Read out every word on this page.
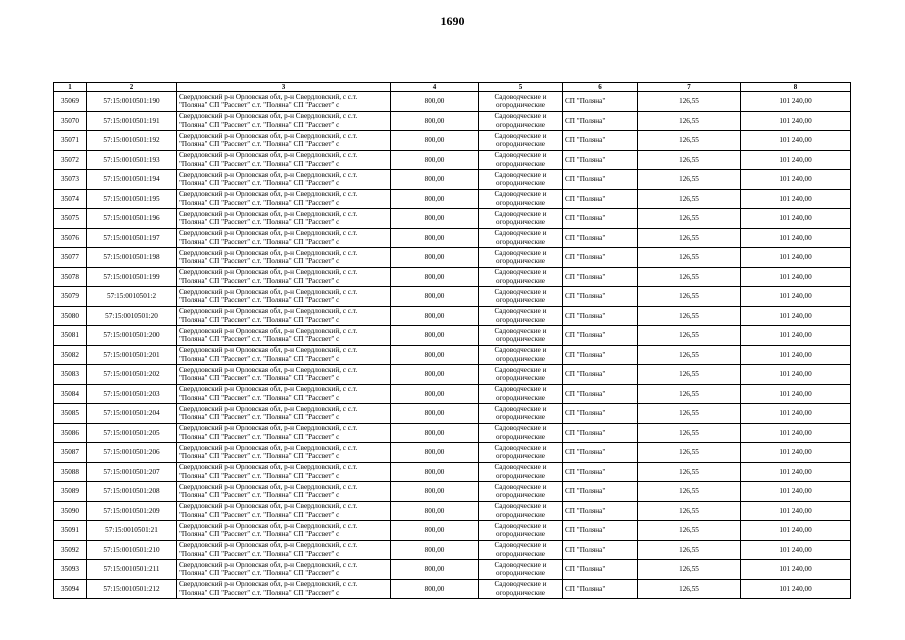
1690
1	2	3	4	5	6	7	8
35069	57:15:0010501:190	Свердловский р-н Орловская обл, р-н Свердловский, с с.т.
"Поляна" СП "Рассвет" с.т. "Поляна" СП "Рассвет" с	800,00	Садоводческие и
огороднические	СП "Поляна"	126,55	101 240,00
35070	57:15:0010501:191	Свердловский р-н Орловская обл, р-н Свердловский, с с.т.
"Поляна" СП "Рассвет" с.т. "Поляна" СП "Рассвет" с	800,00	Садоводческие и
огороднические	СП "Поляна"	126,55	101 240,00
35071	57:15:0010501:192	Свердловский р-н Орловская обл, р-н Свердловский, с с.т.
"Поляна" СП "Рассвет" с.т. "Поляна" СП "Рассвет" с	800,00	Садоводческие и
огороднические	СП "Поляна"	126,55	101 240,00
35072	57:15:0010501:193	Свердловский р-н Орловская обл, р-н Свердловский, с с.т.
"Поляна" СП "Рассвет" с.т. "Поляна" СП "Рассвет" с	800,00	Садоводческие и
огороднические	СП "Поляна"	126,55	101 240,00
35073	57:15:0010501:194	Свердловский р-н Орловская обл, р-н Свердловский, с с.т.
"Поляна" СП "Рассвет" с.т. "Поляна" СП "Рассвет" с	800,00	Садоводческие и
огороднические	СП "Поляна"	126,55	101 240,00
35074	57:15:0010501:195	Свердловский р-н Орловская обл, р-н Свердловский, с с.т.
"Поляна" СП "Рассвет" с.т. "Поляна" СП "Рассвет" с	800,00	Садоводческие и
огороднические	СП "Поляна"	126,55	101 240,00
35075	57:15:0010501:196	Свердловский р-н Орловская обл, р-н Свердловский, с с.т.
"Поляна" СП "Рассвет" с.т. "Поляна" СП "Рассвет" с	800,00	Садоводческие и
огороднические	СП "Поляна"	126,55	101 240,00
35076	57:15:0010501:197	Свердловский р-н Орловская обл, р-н Свердловский, с с.т.
"Поляна" СП "Рассвет" с.т. "Поляна" СП "Рассвет" с	800,00	Садоводческие и
огороднические	СП "Поляна"	126,55	101 240,00
35077	57:15:0010501:198	Свердловский р-н Орловская обл, р-н Свердловский, с с.т.
"Поляна" СП "Рассвет" с.т. "Поляна" СП "Рассвет" с	800,00	Садоводческие и
огороднические	СП "Поляна"	126,55	101 240,00
35078	57:15:0010501:199	Свердловский р-н Орловская обл, р-н Свердловский, с с.т.
"Поляна" СП "Рассвет" с.т. "Поляна" СП "Рассвет" с	800,00	Садоводческие и
огороднические	СП "Поляна"	126,55	101 240,00
35079	57:15:0010501:2	Свердловский р-н Орловская обл, р-н Свердловский, с с.т.
"Поляна" СП "Рассвет" с.т. "Поляна" СП "Рассвет" с	800,00	Садоводческие и
огороднические	СП "Поляна"	126,55	101 240,00
35080	57:15:0010501:20	Свердловский р-н Орловская обл, р-н Свердловский, с с.т.
"Поляна" СП "Рассвет" с.т. "Поляна" СП "Рассвет" с	800,00	Садоводческие и
огороднические	СП "Поляна"	126,55	101 240,00
35081	57:15:0010501:200	Свердловский р-н Орловская обл, р-н Свердловский, с с.т.
"Поляна" СП "Рассвет" с.т. "Поляна" СП "Рассвет" с	800,00	Садоводческие и
огороднические	СП "Поляна"	126,55	101 240,00
35082	57:15:0010501:201	Свердловский р-н Орловская обл, р-н Свердловский, с с.т.
"Поляна" СП "Рассвет" с.т. "Поляна" СП "Рассвет" с	800,00	Садоводческие и
огороднические	СП "Поляна"	126,55	101 240,00
35083	57:15:0010501:202	Свердловский р-н Орловская обл, р-н Свердловский, с с.т.
"Поляна" СП "Рассвет" с.т. "Поляна" СП "Рассвет" с	800,00	Садоводческие и
огороднические	СП "Поляна"	126,55	101 240,00
35084	57:15:0010501:203	Свердловский р-н Орловская обл, р-н Свердловский, с с.т.
"Поляна" СП "Рассвет" с.т. "Поляна" СП "Рассвет" с	800,00	Садоводческие и
огороднические	СП "Поляна"	126,55	101 240,00
35085	57:15:0010501:204	Свердловский р-н Орловская обл, р-н Свердловский, с с.т.
"Поляна" СП "Рассвет" с.т. "Поляна" СП "Рассвет" с	800,00	Садоводческие и
огороднические	СП "Поляна"	126,55	101 240,00
35086	57:15:0010501:205	Свердловский р-н Орловская обл, р-н Свердловский, с с.т.
"Поляна" СП "Рассвет" с.т. "Поляна" СП "Рассвет" с	800,00	Садоводческие и
огороднические	СП "Поляна"	126,55	101 240,00
35087	57:15:0010501:206	Свердловский р-н Орловская обл, р-н Свердловский, с с.т.
"Поляна" СП "Рассвет" с.т. "Поляна" СП "Рассвет" с	800,00	Садоводческие и
огороднические	СП "Поляна"	126,55	101 240,00
35088	57:15:0010501:207	Свердловский р-н Орловская обл, р-н Свердловский, с с.т.
"Поляна" СП "Рассвет" с.т. "Поляна" СП "Рассвет" с	800,00	Садоводческие и
огороднические	СП "Поляна"	126,55	101 240,00
35089	57:15:0010501:208	Свердловский р-н Орловская обл, р-н Свердловский, с с.т.
"Поляна" СП "Рассвет" с.т. "Поляна" СП "Рассвет" с	800,00	Садоводческие и
огороднические	СП "Поляна"	126,55	101 240,00
35090	57:15:0010501:209	Свердловский р-н Орловская обл, р-н Свердловский, с с.т.
"Поляна" СП "Рассвет" с.т. "Поляна" СП "Рассвет" с	800,00	Садоводческие и
огороднические	СП "Поляна"	126,55	101 240,00
35091	57:15:0010501:21	Свердловский р-н Орловская обл, р-н Свердловский, с с.т.
"Поляна" СП "Рассвет" с.т. "Поляна" СП "Рассвет" с	800,00	Садоводческие и
огороднические	СП "Поляна"	126,55	101 240,00
35092	57:15:0010501:210	Свердловский р-н Орловская обл, р-н Свердловский, с с.т.
"Поляна" СП "Рассвет" с.т. "Поляна" СП "Рассвет" с	800,00	Садоводческие и
огороднические	СП "Поляна"	126,55	101 240,00
35093	57:15:0010501:211	Свердловский р-н Орловская обл, р-н Свердловский, с с.т.
"Поляна" СП "Рассвет" с.т. "Поляна" СП "Рассвет" с	800,00	Садоводческие и
огороднические	СП "Поляна"	126,55	101 240,00
35094	57:15:0010501:212	Свердловский р-н Орловская обл, р-н Свердловский, с с.т.
"Поляна" СП "Рассвет" с.т. "Поляна" СП "Рассвет" с	800,00	Садоводческие и
огороднические	СП "Поляна"	126,55	101 240,00
